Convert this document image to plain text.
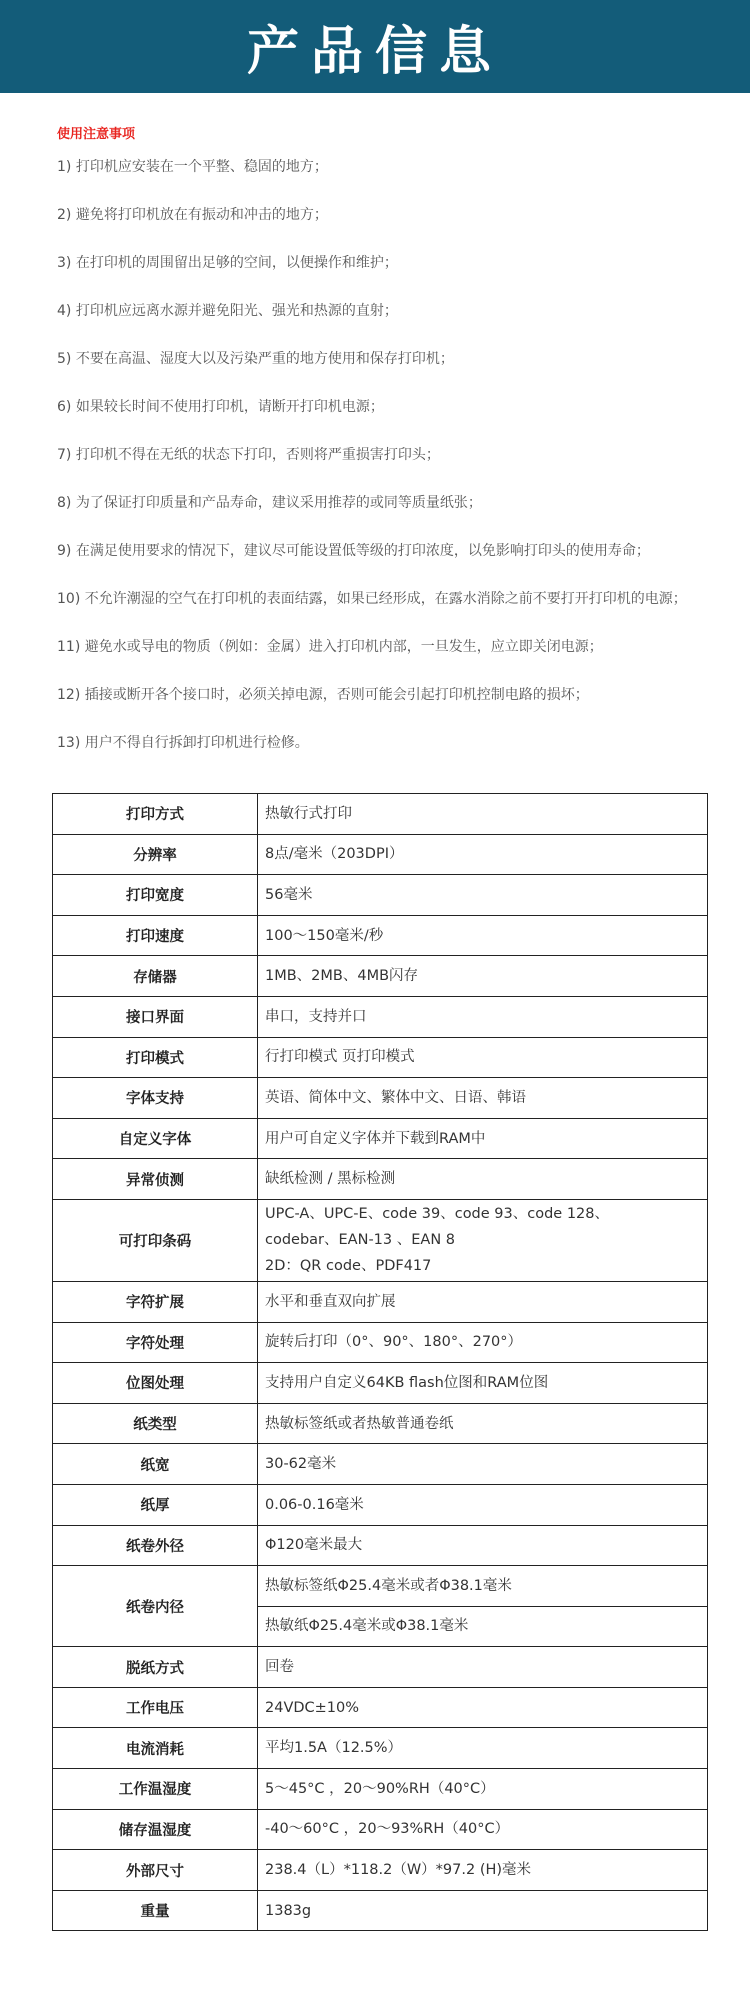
产品信息
使用注意事项
1) 打印机应安装在一个平整、稳固的地方；
2) 避免将打印机放在有振动和冲击的地方；
3) 在打印机的周围留出足够的空间，以便操作和维护；
4) 打印机应远离水源并避免阳光、强光和热源的直射；
5) 不要在高温、湿度大以及污染严重的地方使用和保存打印机；
6) 如果较长时间不使用打印机，请断开打印机电源；
7) 打印机不得在无纸的状态下打印，否则将严重损害打印头；
8) 为了保证打印质量和产品寿命，建议采用推荐的或同等质量纸张；
9) 在满足使用要求的情况下，建议尽可能设置低等级的打印浓度，以免影响打印头的使用寿命；
10) 不允许潮湿的空气在打印机的表面结露，如果已经形成，在露水消除之前不要打开打印机的电源；
11) 避免水或导电的物质（例如：金属）进入打印机内部，一旦发生，应立即关闭电源；
12) 插接或断开各个接口时，必须关掉电源，否则可能会引起打印机控制电路的损坏；
13) 用户不得自行拆卸打印机进行检修。
打印方式	热敏行式打印
分辨率	8点/毫米（203DPI）
打印宽度	56毫米
打印速度	100～150毫米/秒
存储器	1MB、2MB、4MB闪存
接口界面	串口，支持并口
打印模式	行打印模式 页打印模式
字体支持	英语、简体中文、繁体中文、日语、韩语
自定义字体	用户可自定义字体并下载到RAM中
异常侦测	缺纸检测 / 黑标检测
可打印条码	UPC-A、UPC-E、code 39、code 93、code 128、
codebar、EAN-13 、EAN 8
2D：QR code、PDF417

字符扩展	水平和垂直双向扩展
字符处理	旋转后打印（0°、90°、180°、270°）
位图处理	支持用户自定义64KB flash位图和RAM位图
纸类型	热敏标签纸或者热敏普通卷纸
纸宽	30-62毫米
纸厚	0.06-0.16毫米
纸卷外径	Φ120毫米最大
纸卷内径	热敏标签纸Φ25.4毫米或者Φ38.1毫米
	热敏纸Φ25.4毫米或Φ38.1毫米
脱纸方式	回卷
工作电压	24VDC±10%
电流消耗	平均1.5A（12.5%）
工作温湿度	5～45°C ，20～90%RH（40°C）
储存温湿度	-40～60°C ，20～93%RH（40°C）
外部尺寸	238.4（L）*118.2（W）*97.2 (H)毫米
重量	1383g
